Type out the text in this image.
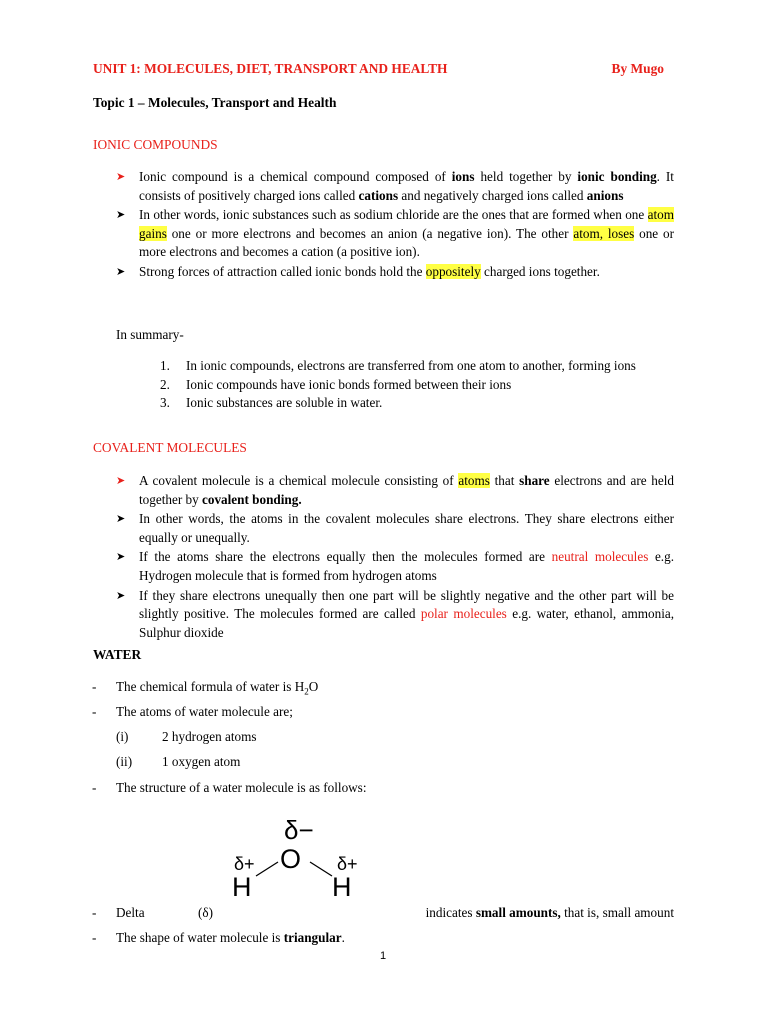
UNIT 1: MOLECULES, DIET, TRANSPORT AND HEALTH	By Mugo
Topic 1 – Molecules, Transport and Health
IONIC COMPOUNDS
➤ Ionic compound is a chemical compound composed of ions held together by ionic bonding. It consists of positively charged ions called cations and negatively charged ions called anions
➤ In other words, ionic substances such as sodium chloride are the ones that are formed when one atom gains one or more electrons and becomes an anion (a negative ion). The other atom, loses one or more electrons and becomes a cation (a positive ion).
➤ Strong forces of attraction called ionic bonds hold the oppositely charged ions together.
In summary-
1. In ionic compounds, electrons are transferred from one atom to another, forming ions
2. Ionic compounds have ionic bonds formed between their ions
3. Ionic substances are soluble in water.
COVALENT MOLECULES
➤ A covalent molecule is a chemical molecule consisting of atoms that share electrons and are held together by covalent bonding.
➤ In other words, the atoms in the covalent molecules share electrons. They share electrons either equally or unequally.
➤ If the atoms share the electrons equally then the molecules formed are neutral molecules e.g. Hydrogen molecule that is formed from hydrogen atoms
➤ If they share electrons unequally then one part will be slightly negative and the other part will be slightly positive. The molecules formed are called polar molecules e.g. water, ethanol, ammonia, Sulphur dioxide
WATER
- The chemical formula of water is $H_2O$
- The atoms of water molecule are;
(i)	2 hydrogen atoms
(ii) 1 oxygen atom
- The structure of a water molecule is as follows:
δ−
O
δ+	δ+
H	H
- Delta	(δ)	indicates small amounts, that is, small amount
- The shape of water molecule is triangular.
1
